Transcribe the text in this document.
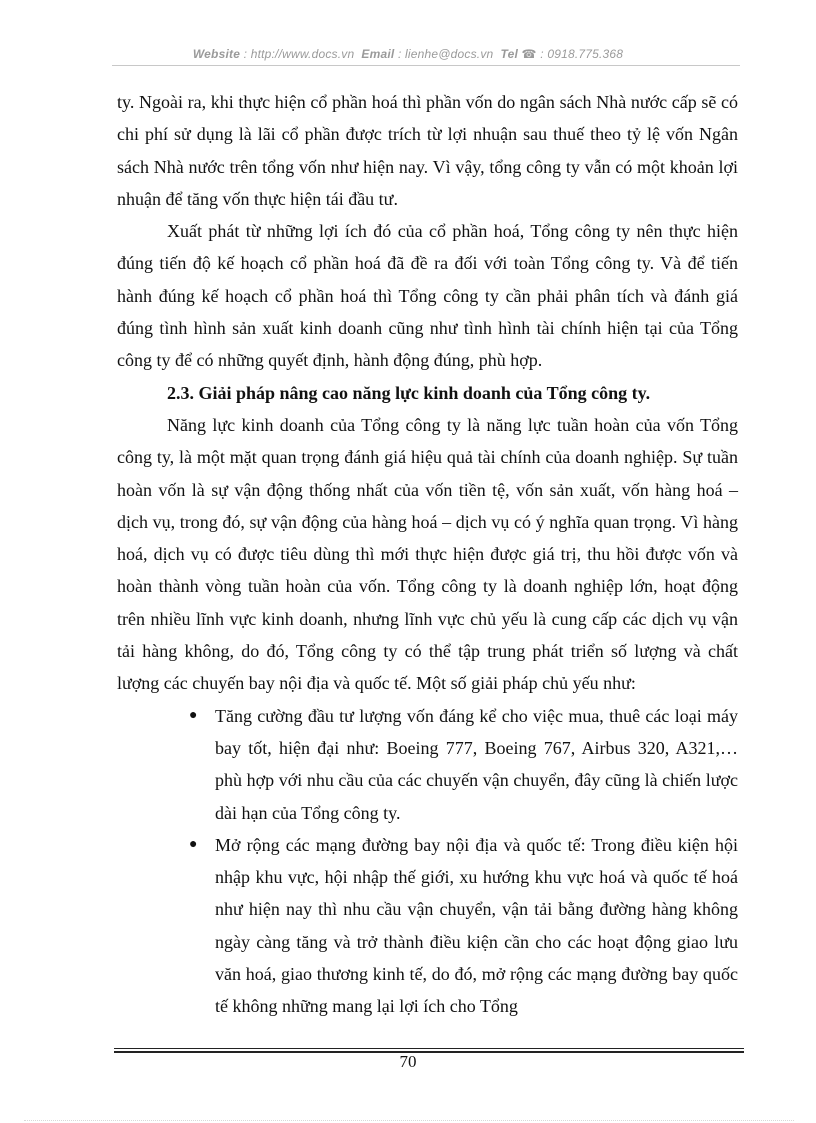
Website : http://www.docs.vn Email : lienhe@docs.vn Tel ☎ : 0918.775.368

ty. Ngoài ra, khi thực hiện cổ phần hoá thì phần vốn do ngân sách Nhà nước cấp sẽ có chi phí sử dụng là lãi cổ phần được trích từ lợi nhuận sau thuế theo tỷ lệ vốn Ngân sách Nhà nước trên tổng vốn như hiện nay. Vì vậy, tổng công ty vẫn có một khoản lợi nhuận để tăng vốn thực hiện tái đầu tư.

Xuất phát từ những lợi ích đó của cổ phần hoá, Tổng công ty nên thực hiện đúng tiến độ kế hoạch cổ phần hoá đã đề ra đối với toàn Tổng công ty. Và để tiến hành đúng kế hoạch cổ phần hoá thì Tổng công ty cần phải phân tích và đánh giá đúng tình hình sản xuất kinh doanh cũng như tình hình tài chính hiện tại của Tổng công ty để có những quyết định, hành động đúng, phù hợp.

2.3. Giải pháp nâng cao năng lực kinh doanh của Tổng công ty.

Năng lực kinh doanh của Tổng công ty là năng lực tuần hoàn của vốn Tổng công ty, là một mặt quan trọng đánh giá hiệu quả tài chính của doanh nghiệp. Sự tuần hoàn vốn là sự vận động thống nhất của vốn tiền tệ, vốn sản xuất, vốn hàng hoá – dịch vụ, trong đó, sự vận động của hàng hoá – dịch vụ có ý nghĩa quan trọng. Vì hàng hoá, dịch vụ có được tiêu dùng thì mới thực hiện được giá trị, thu hồi được vốn và hoàn thành vòng tuần hoàn của vốn. Tổng công ty là doanh nghiệp lớn, hoạt động trên nhiều lĩnh vực kinh doanh, nhưng lĩnh vực chủ yếu là cung cấp các dịch vụ vận tải hàng không, do đó, Tổng công ty có thể tập trung phát triển số lượng và chất lượng các chuyến bay nội địa và quốc tế. Một số giải pháp chủ yếu như:

● Tăng cường đầu tư lượng vốn đáng kể cho việc mua, thuê các loại máy bay tốt, hiện đại như: Boeing 777, Boeing 767, Airbus 320, A321,… phù hợp với nhu cầu của các chuyến vận chuyển, đây cũng là chiến lược dài hạn của Tổng công ty.
● Mở rộng các mạng đường bay nội địa và quốc tế: Trong điều kiện hội nhập khu vực, hội nhập thế giới, xu hướng khu vực hoá và quốc tế hoá như hiện nay thì nhu cầu vận chuyển, vận tải bằng đường hàng không ngày càng tăng và trở thành điều kiện cần cho các hoạt động giao lưu văn hoá, giao thương kinh tế, do đó, mở rộng các mạng đường bay quốc tế không những mang lại lợi ích cho Tổng
70
